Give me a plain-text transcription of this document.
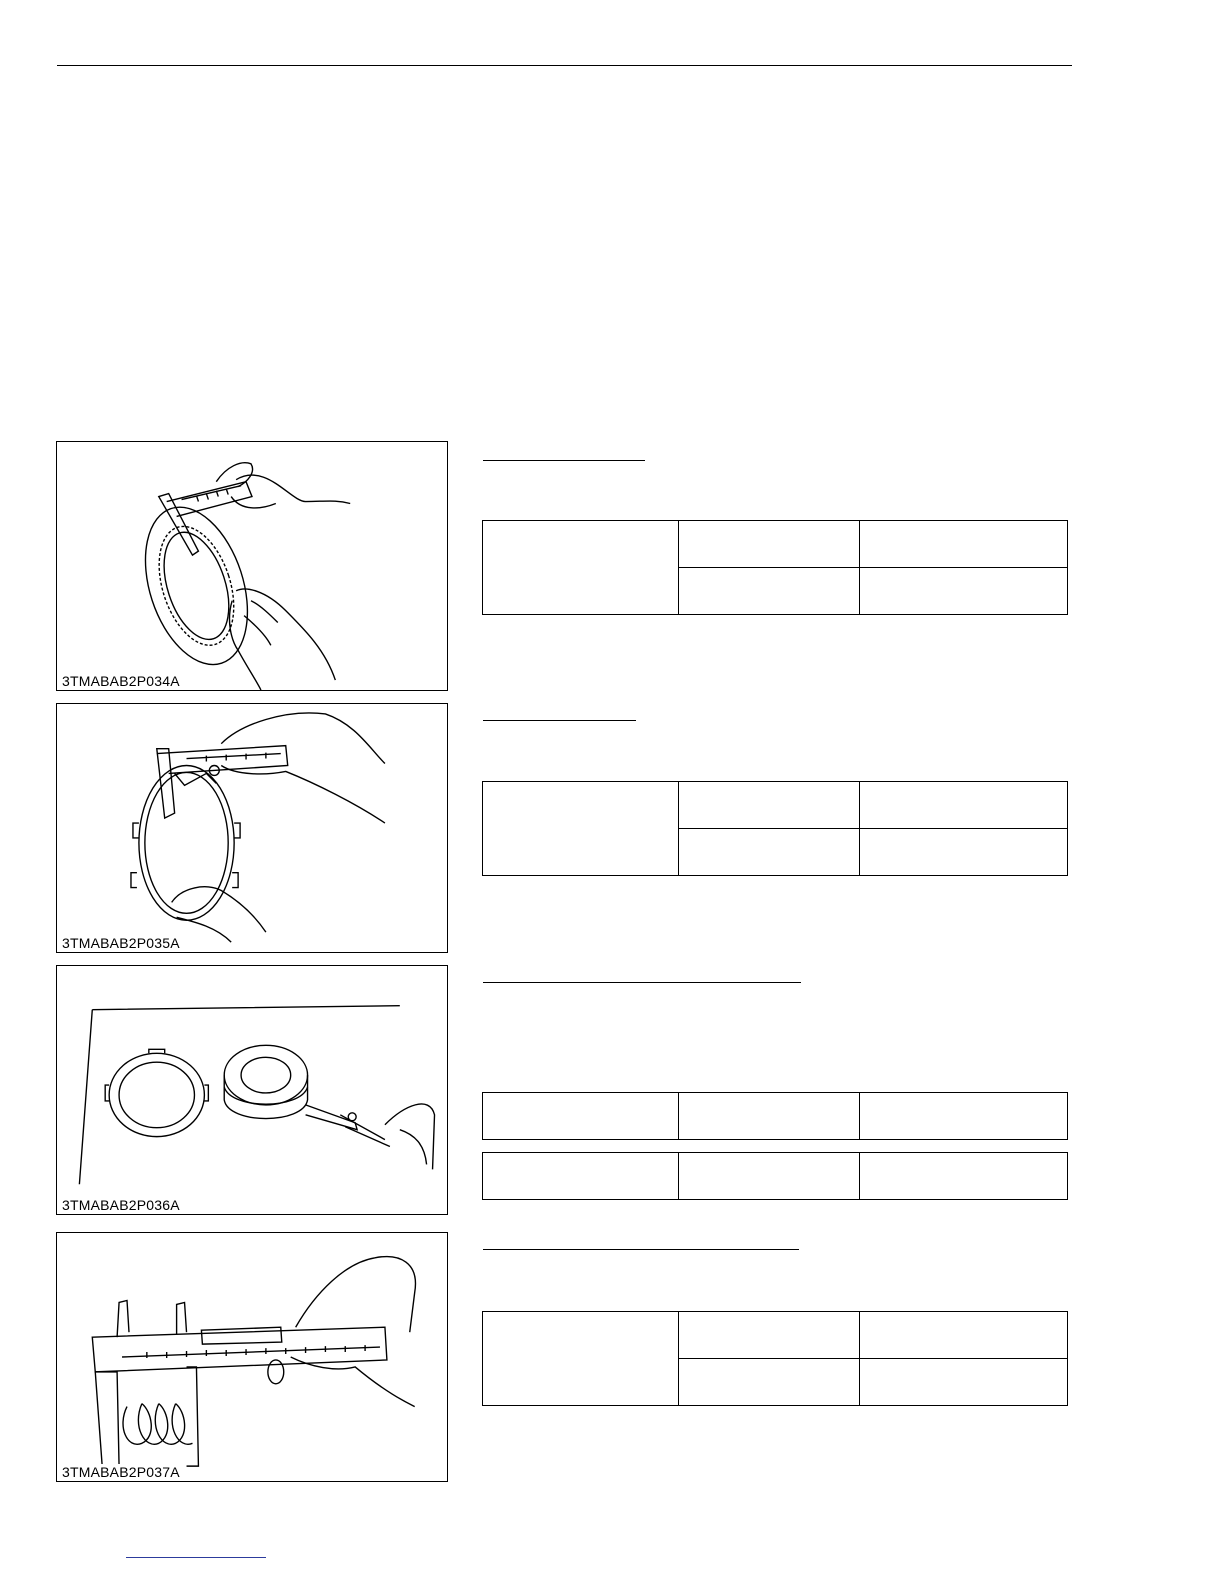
3TMABAB2P034A

3TMABAB2P035A

3TMABAB2P036A

3TMABAB2P037A
